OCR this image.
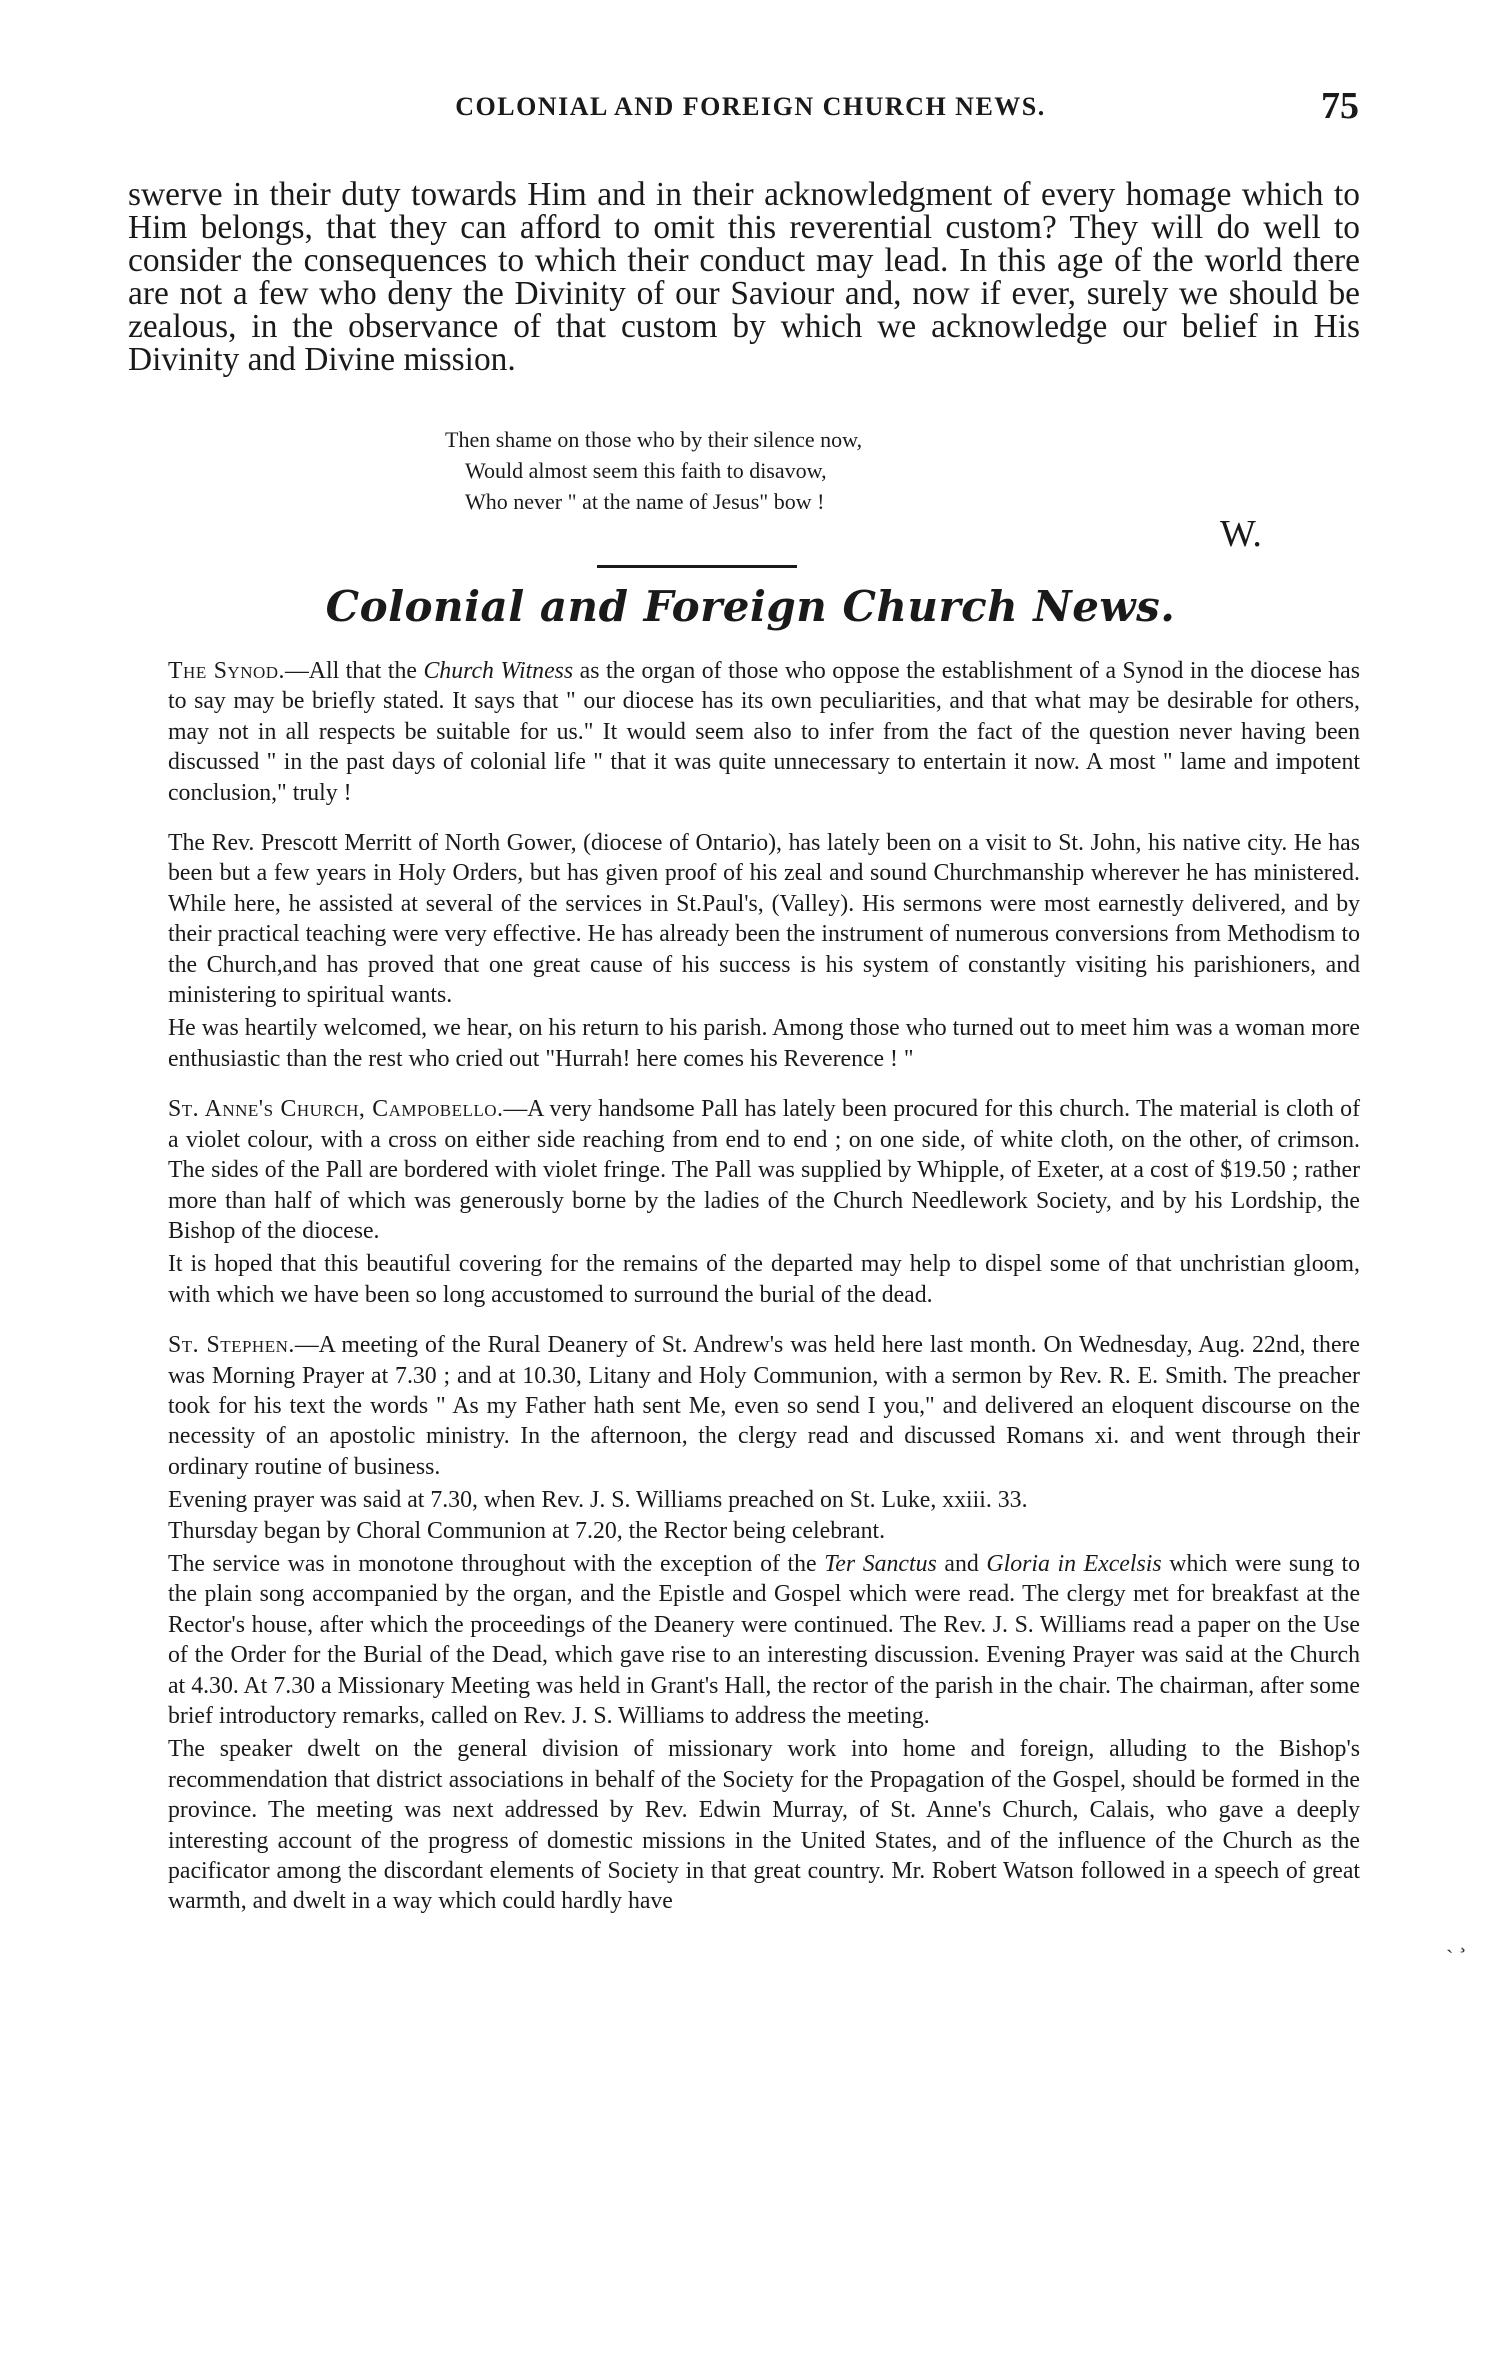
COLONIAL AND FOREIGN CHURCH NEWS.	75

swerve in their duty towards Him and in their acknowledgment of every homage which to Him belongs, that they can afford to omit this reverential custom? They will do well to consider the consequences to which their conduct may lead. In this age of the world there are not a few who deny the Divinity of our Saviour and, now if ever, surely we should be zealous, in the observance of that custom by which we acknowledge our belief in His Divinity and Divine mission.

Then shame on those who by their silence now,
Would almost seem this faith to disavow,
Who never " at the name of Jesus" bow !
W.
Colonial and Foreign Church News.

The Synod.—All that the Church Witness as the organ of those who oppose the establishment of a Synod in the diocese has to say may be briefly stated. It says that " our diocese has its own peculiarities, and that what may be desirable for others, may not in all respects be suitable for us." It would seem also to infer from the fact of the question never having been discussed " in the past days of colonial life " that it was quite unnecessary to entertain it now. A most " lame and impotent conclusion," truly !

The Rev. Prescott Merritt of North Gower, (diocese of Ontario), has lately been on a visit to St. John, his native city. He has been but a few years in Holy Orders, but has given proof of his zeal and sound Churchmanship wherever he has ministered. While here, he assisted at several of the services in St.Paul's, (Valley). His sermons were most earnestly delivered, and by their practical teaching were very effective. He has already been the instrument of numerous conversions from Methodism to the Church,and has proved that one great cause of his success is his system of constantly visiting his parishioners, and ministering to spiritual wants.

He was heartily welcomed, we hear, on his return to his parish. Among those who turned out to meet him was a woman more enthusiastic than the rest who cried out "Hurrah! here comes his Reverence ! "

St. Anne's Church, Campobello.—A very handsome Pall has lately been procured for this church. The material is cloth of a violet colour, with a cross on either side reaching from end to end ; on one side, of white cloth, on the other, of crimson. The sides of the Pall are bordered with violet fringe. The Pall was supplied by Whipple, of Exeter, at a cost of $19.50 ; rather more than half of which was generously borne by the ladies of the Church Needlework Society, and by his Lordship, the Bishop of the diocese.

It is hoped that this beautiful covering for the remains of the departed may help to dispel some of that unchristian gloom, with which we have been so long accustomed to surround the burial of the dead.

St. Stephen.—A meeting of the Rural Deanery of St. Andrew's was held here last month. On Wednesday, Aug. 22nd, there was Morning Prayer at 7.30 ; and at 10.30, Litany and Holy Communion, with a sermon by Rev. R. E. Smith. The preacher took for his text the words " As my Father hath sent Me, even so send I you," and delivered an eloquent discourse on the necessity of an apostolic ministry. In the afternoon, the clergy read and discussed Romans xi. and went through their ordinary routine of business.

Evening prayer was said at 7.30, when Rev. J. S. Williams preached on St. Luke, xxiii. 33.

Thursday began by Choral Communion at 7.20, the Rector being celebrant.

The service was in monotone throughout with the exception of the Ter Sanctus and Gloria in Excelsis which were sung to the plain song accompanied by the organ, and the Epistle and Gospel which were read. The clergy met for breakfast at the Rector's house, after which the proceedings of the Deanery were continued. The Rev. J. S. Williams read a paper on the Use of the Order for the Burial of the Dead, which gave rise to an interesting discussion. Evening Prayer was said at the Church at 4.30. At 7.30 a Missionary Meeting was held in Grant's Hall, the rector of the parish in the chair. The chairman, after some brief introductory remarks, called on Rev. J. S. Williams to address the meeting.

The speaker dwelt on the general division of missionary work into home and foreign, alluding to the Bishop's recommendation that district associations in behalf of the Society for the Propagation of the Gospel, should be formed in the province. The meeting was next addressed by Rev. Edwin Murray, of St. Anne's Church, Calais, who gave a deeply interesting account of the progress of domestic missions in the United States, and of the influence of the Church as the pacificator among the discordant elements of Society in that great country. Mr. Robert Watson followed in a speech of great warmth, and dwelt in a way which could hardly have

ˎ ¸
